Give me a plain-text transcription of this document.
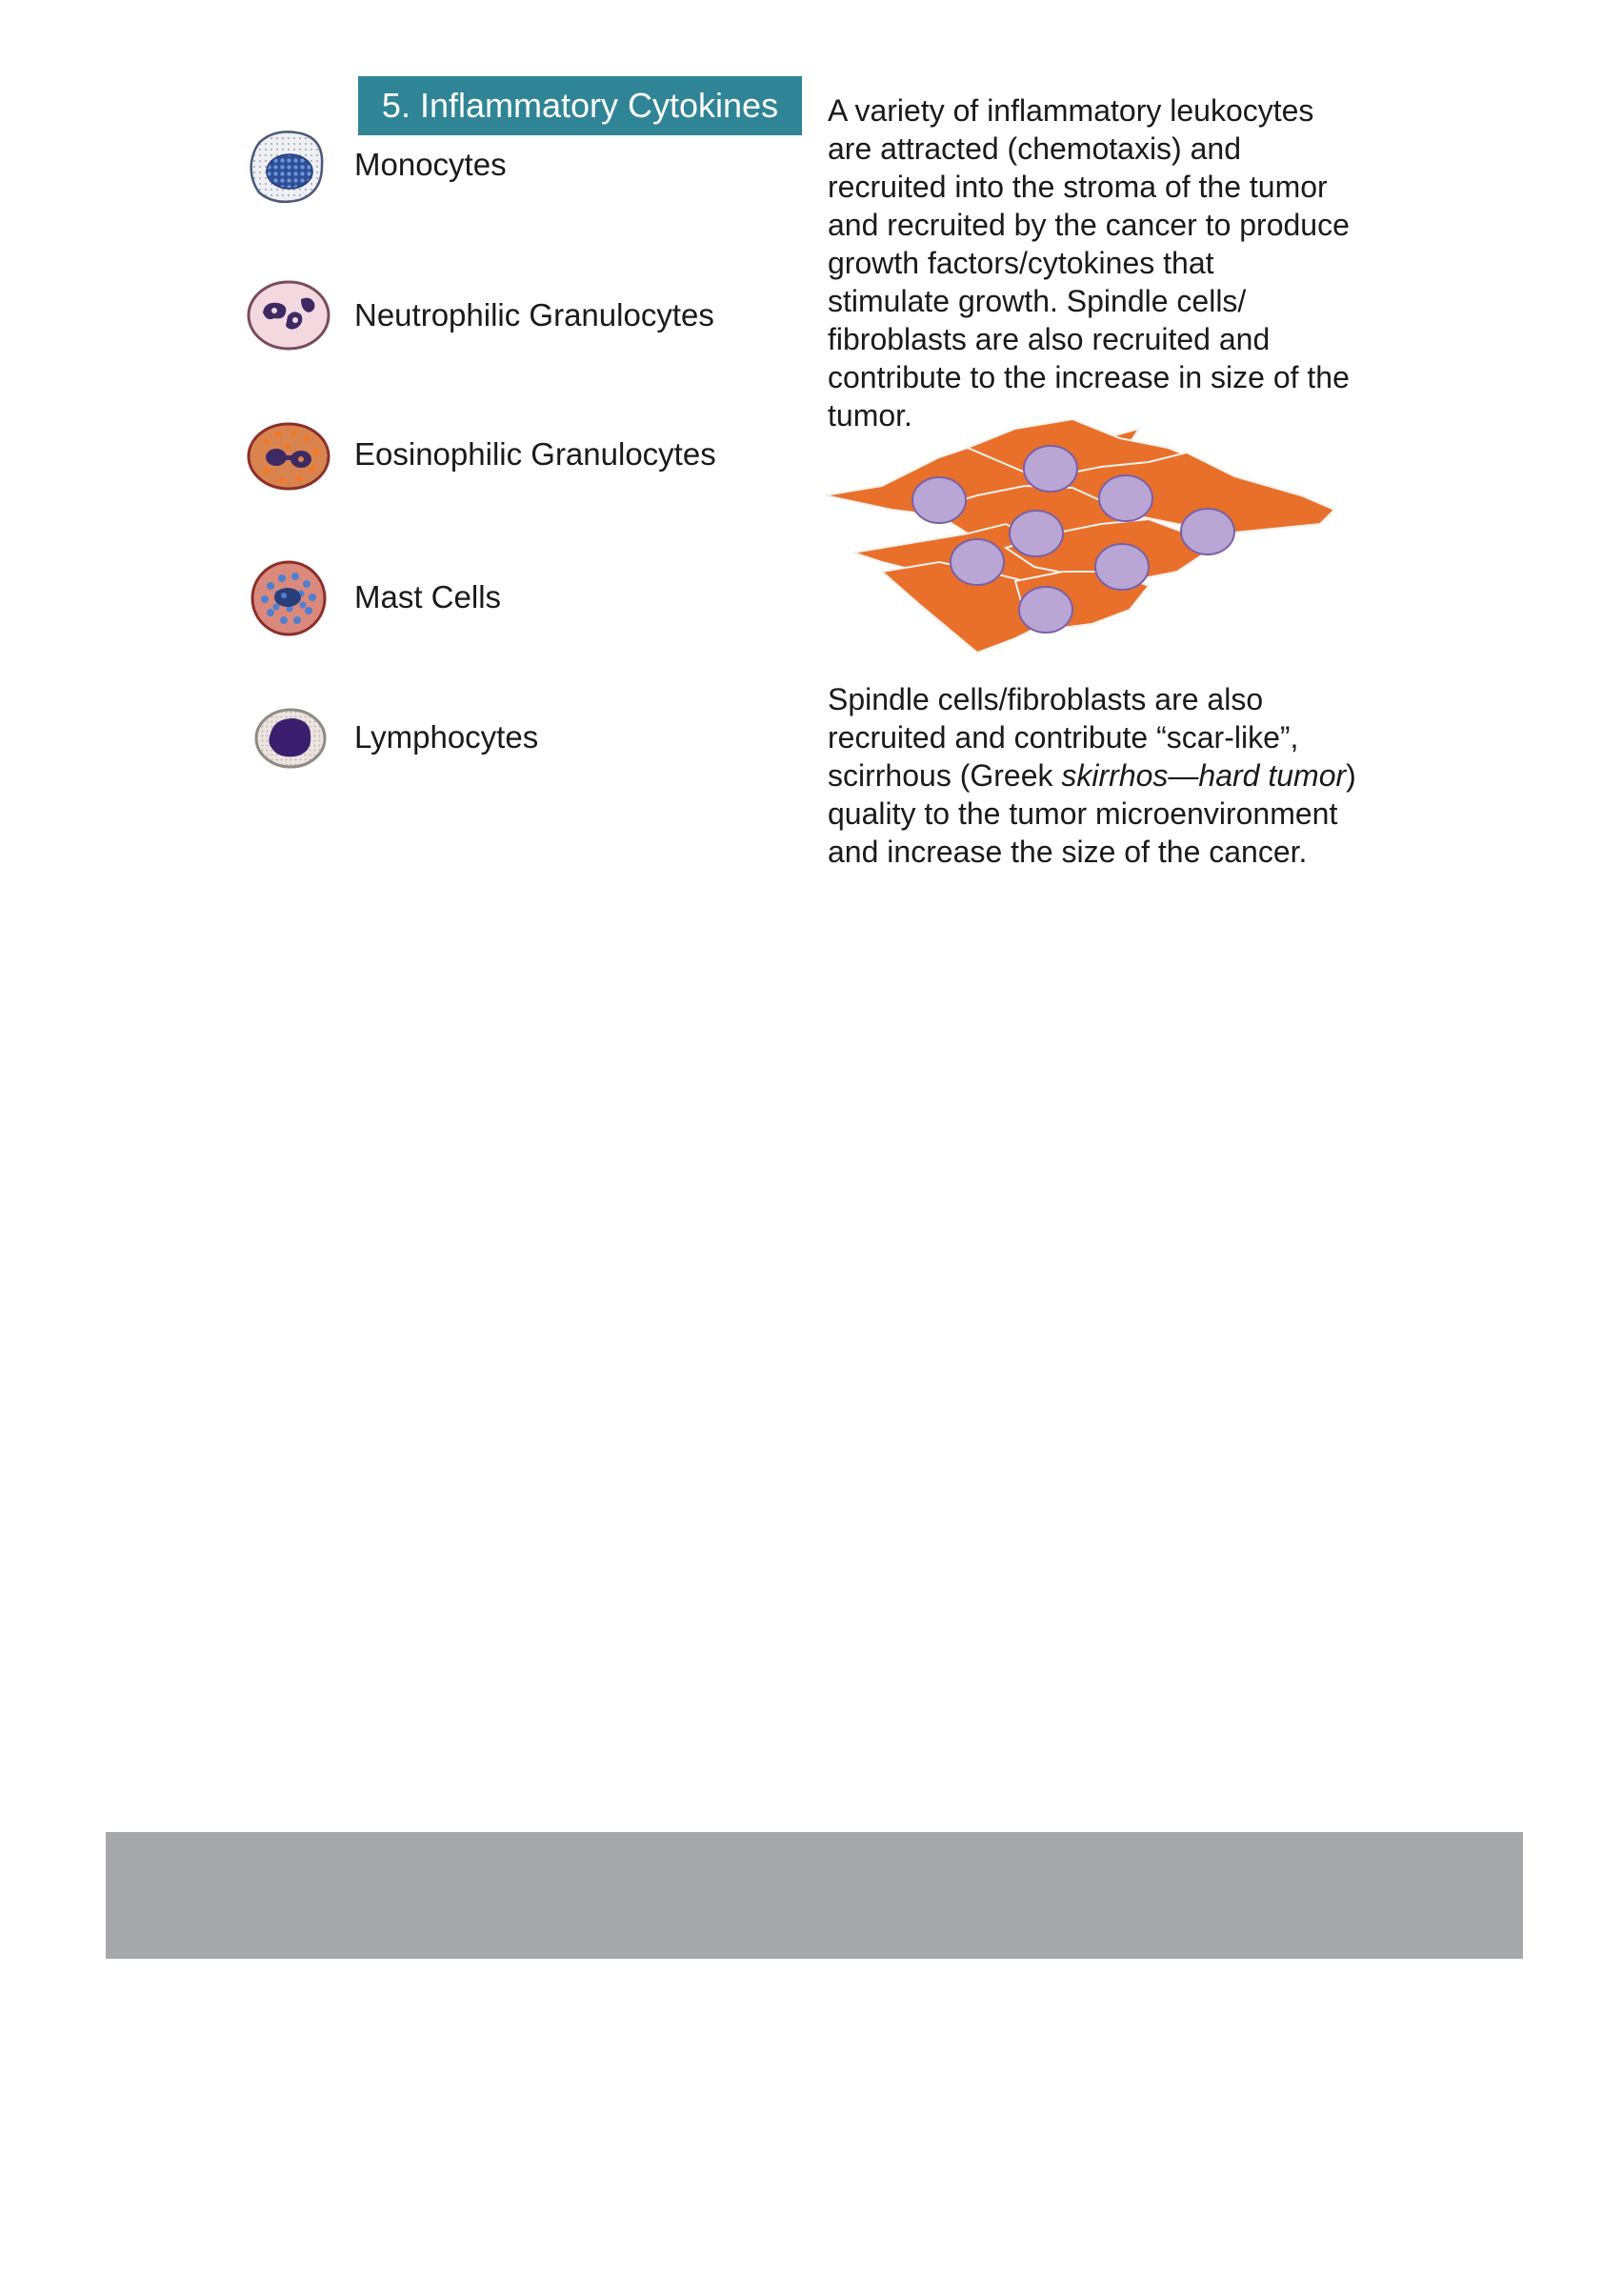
5. Inflammatory Cytokines
Monocytes
Neutrophilic Granulocytes
Eosinophilic Granulocytes
Mast Cells
Lymphocytes

A variety of inflammatory leukocytes
are attracted (chemotaxis) and
recruited into the stroma of the tumor
and recruited by the cancer to produce
growth factors/cytokines that
stimulate growth. Spindle cells/
fibroblasts are also recruited and
contribute to the increase in size of the
tumor.

Spindle cells/fibroblasts are also
recruited and contribute “scar-like”,
scirrhous (Greek skirrhos—hard tumor)
quality to the tumor microenvironment
and increase the size of the cancer.
